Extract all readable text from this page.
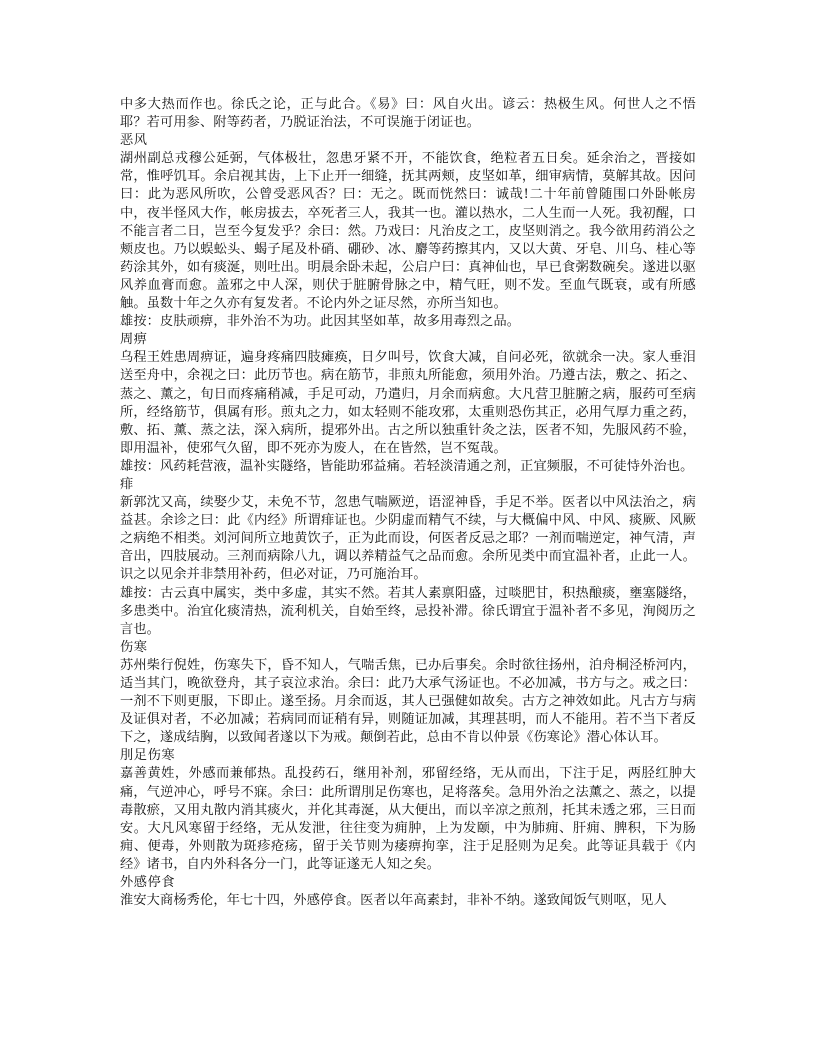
中多大热而作也。徐氏之论，正与此合。《易》曰：风自火出。谚云：热极生风。何世人之不悟耶？若可用参、附等药者，乃脱证治法，不可误施于闭证也。

恶风

湖州副总戎穆公延弼，气体极壮，忽患牙紧不开，不能饮食，绝粒者五日矣。延余治之，晋接如常，惟呼饥耳。余启视其齿，上下止开一细缝，抚其两颊，皮坚如革，细审病情，莫解其故。因问曰：此为恶风所吹，公曾受恶风否？曰：无之。既而恍然曰：诚哉!二十年前曾随围口外卧帐房中，夜半怪风大作，帐房拔去，卒死者三人，我其一也。灌以热水，二人生而一人死。我初醒，口不能言者二日，岂至今复发乎？余曰：然。乃戏曰：凡治皮之工，皮坚则消之。我今欲用药消公之颊皮也。乃以蜈蚣头、蝎子尾及朴硝、硼砂、冰、麝等药擦其内，又以大黄、牙皂、川乌、桂心等药涂其外，如有痰涎，则吐出。明晨余卧未起，公启户曰：真神仙也，早已食粥数碗矣。遂进以驱风养血膏而愈。盖邪之中人深，则伏于脏腑骨脉之中，精气旺，则不发。至血气既衰，或有所感触。虽数十年之久亦有复发者。不论内外之证尽然，亦所当知也。

雄按：皮肤顽痹，非外治不为功。此因其坚如革，故多用毒烈之品。

周痹

乌程王姓患周痹证，遍身疼痛四肢瘫痪，日夕叫号，饮食大减，自问必死，欲就余一决。家人垂泪送至舟中，余视之曰：此历节也。病在筋节，非煎丸所能愈，须用外治。乃遵古法，敷之、拓之、蒸之、薰之，旬日而疼痛稍减，手足可动，乃遣归，月余而病愈。大凡营卫脏腑之病，服药可至病所，经络筋节，俱属有形。煎丸之力，如太轻则不能攻邪，太重则恐伤其正，必用气厚力重之药，敷、拓、薰、蒸之法，深入病所，提邪外出。古之所以独重针灸之法，医者不知，先服风药不验，即用温补，使邪气久留，即不死亦为废人，在在皆然，岂不冤哉。

雄按：风药耗营液，温补实隧络，皆能助邪益痛。若轻淡清通之剂，正宜频服，不可徒恃外治也。

痱

新郭沈又高，续娶少艾，未免不节，忽患气喘厥逆，语涩神昏，手足不举。医者以中风法治之，病益甚。余诊之曰：此《内经》所谓痱证也。少阴虚而精气不续，与大概偏中风、中风、痰厥、风厥之病绝不相类。刘河间所立地黄饮子，正为此而设，何医者反忌之耶？一剂而喘逆定，神气清，声音出，四肢展动。三剂而病除八九，调以养精益气之品而愈。余所见类中而宜温补者，止此一人。识之以见余并非禁用补药，但必对证，乃可施治耳。

雄按：古云真中属实，类中多虚，其实不然。若其人素禀阳盛，过啖肥甘，积热酿痰，壅塞隧络，多患类中。治宜化痰清热，流利机关，自始至终，忌投补滞。徐氏谓宜于温补者不多见，洵阅历之言也。

伤寒

苏州柴行倪姓，伤寒失下，昏不知人，气喘舌焦，已办后事矣。余时欲往扬州，泊舟桐泾桥河内，适当其门，晚欲登舟，其子哀泣求治。余曰：此乃大承气汤证也。不必加减，书方与之。戒之曰：一剂不下则更服，下即止。遂至扬。月余而返，其人已强健如故矣。古方之神效如此。凡古方与病及证俱对者，不必加减；若病同而证稍有异，则随证加减，其理甚明，而人不能用。若不当下者反下之，遂成结胸，以致闻者遂以下为戒。颠倒若此，总由不肯以仲景《伤寒论》潜心体认耳。

刖足伤寒

嘉善黄姓，外感而兼郁热。乱投药石，继用补剂，邪留经络，无从而出，下注于足，两胫红肿大痛，气逆冲心，呼号不寐。余曰：此所谓刖足伤寒也，足将落矣。急用外治之法薰之、蒸之，以提毒散瘀，又用丸散内消其痰火，并化其毒涎，从大便出，而以辛凉之煎剂，托其未透之邪，三日而安。大凡风寒留于经络，无从发泄，往往变为痈肿，上为发颐，中为肺痈、肝痈、脾积，下为肠痈、便毒，外则散为斑疹疮疡，留于关节则为痿痹拘挛，注于足胫则为足矣。此等证具载于《内经》诸书，自内外科各分一门，此等证遂无人知之矣。

外感停食

淮安大商杨秀伦，年七十四，外感停食。医者以年高素封，非补不纳。遂致闻饭气则呕，见人
